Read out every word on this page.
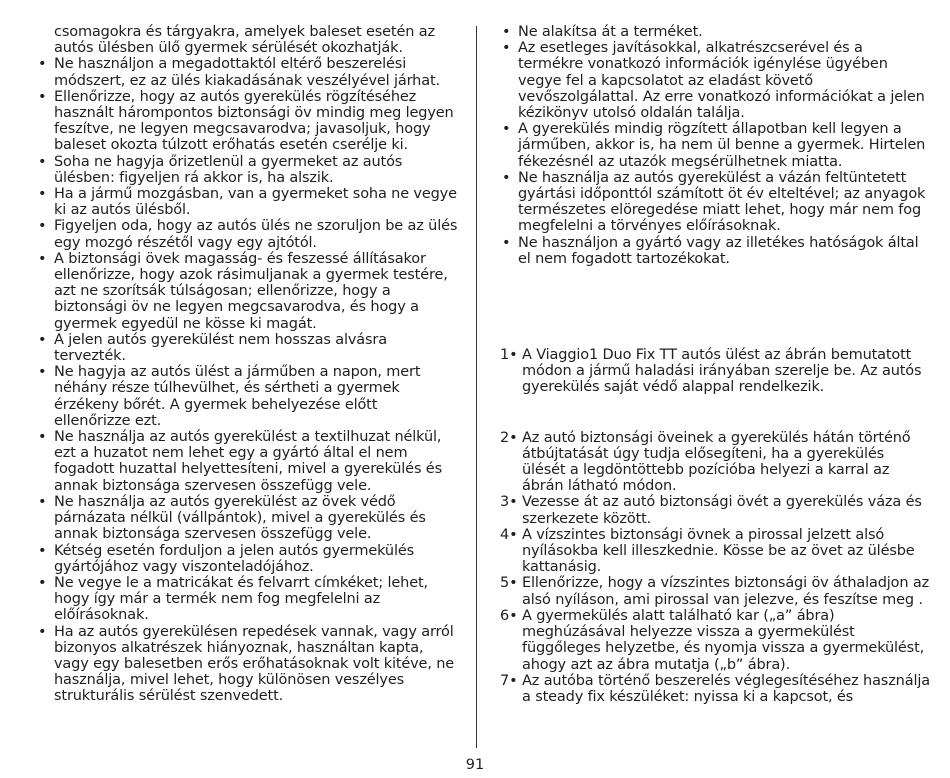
csomagokra és tárgyakra, amelyek baleset esetén az autós ülésben ülő gyermek sérülését okozhatják.

• Ne használjon a megadottaktól eltérő beszerelési módszert, ez az ülés kiakadásának veszélyével járhat.

• Ellenőrizze, hogy az autós gyerekülés rögzítéséhez használt hárompontos biztonsági öv mindig meg legyen feszítve, ne legyen megcsavarodva; javasoljuk, hogy baleset okozta túlzott erőhatás esetén cserélje ki.

• Soha ne hagyja őrizetlenül a gyermeket az autós ülésben: figyeljen rá akkor is, ha alszik.

• Ha a jármű mozgásban, van a gyermeket soha ne vegye ki az autós ülésből.

• Figyeljen oda, hogy az autós ülés ne szoruljon be az ülés egy mozgó részétől vagy egy ajtótól.

• A biztonsági övek magasság- és feszessé állításakor ellenőrizze, hogy azok rásimuljanak a gyermek testére, azt ne szorítsák túlságosan; ellenőrizze, hogy a biztonsági öv ne legyen megcsavarodva, és hogy a gyermek egyedül ne kösse ki magát.

• A jelen autós gyerekülést nem hosszas alvásra tervezték.

• Ne hagyja az autós ülést a járműben a napon, mert néhány része túlhevülhet, és sértheti a gyermek érzékeny bőrét. A gyermek behelyezése előtt ellenőrizze ezt.

• Ne használja az autós gyerekülést a textilhuzat nélkül, ezt a huzatot nem lehet egy a gyártó által el nem fogadott huzattal helyettesíteni, mivel a gyerekülés és annak biztonsága szervesen összefügg vele.

• Ne használja az autós gyerekülést az övek védő párnázata nélkül (vállpántok), mivel a gyerekülés és annak biztonsága szervesen összefügg vele.

• Kétség esetén forduljon a jelen autós gyermekülés gyártójához vagy viszonteladójához.

• Ne vegye le a matricákat és felvarrt címkéket; lehet, hogy így már a termék nem fog megfelelni az előírásoknak.

• Ha az autós gyerekülésen repedések vannak, vagy arról bizonyos alkatrészek hiányoznak, használtan kapta, vagy egy balesetben erős erőhatásoknak volt kitéve, ne használja, mivel lehet, hogy különösen veszélyes strukturális sérülést szenvedett.

• Ne alakítsa át a terméket.

• Az esetleges javításokkal, alkatrészcserével és a termékre vonatkozó információk igénylése ügyében vegye fel a kapcsolatot az eladást követő vevőszolgálattal. Az erre vonatkozó információkat a jelen kézikönyv utolsó oldalán találja.

• A gyerekülés mindig rögzített állapotban kell legyen a járműben, akkor is, ha nem ül benne a gyermek. Hirtelen fékezésnél az utazók megsérülhetnek miatta.

• Ne használja az autós gyerekülést a vázán feltüntetett gyártási időponttól számított öt év elteltével; az anyagok természetes elöregedése miatt lehet, hogy már nem fog megfelelni a törvényes előírásoknak.

• Ne használjon a gyártó vagy az illetékes hatóságok által el nem fogadott tartozékokat.

1• A Viaggio1 Duo Fix TT autós ülést az ábrán bemutatott módon a jármű haladási irányában szerelje be. Az autós gyerekülés saját védő alappal rendelkezik.

2• Az autó biztonsági öveinek a gyerekülés hátán történő átbújtatását úgy tudja elősegíteni, ha a gyerekülés ülését a legdöntöttebb pozícióba helyezi a karral az ábrán látható módon.

3• Vezesse át az autó biztonsági övét a gyerekülés váza és szerkezete között.

4• A vízszintes biztonsági övnek a pirossal jelzett alsó nyílásokba kell illeszkednie. Kösse be az övet az ülésbe kattanásig.

5• Ellenőrizze, hogy a vízszintes biztonsági öv áthaladjon az alsó nyíláson, ami pirossal van jelezve, és feszítse meg .

6• A gyermekülés alatt található kar („a” ábra) meghúzásával helyezze vissza a gyermekülést függőleges helyzetbe, és nyomja vissza a gyermekülést, ahogy azt az ábra mutatja („b” ábra).

7• Az autóba történő beszerelés véglegesítéséhez használja a steady fix készüléket: nyissa ki a kapcsot, és

91
